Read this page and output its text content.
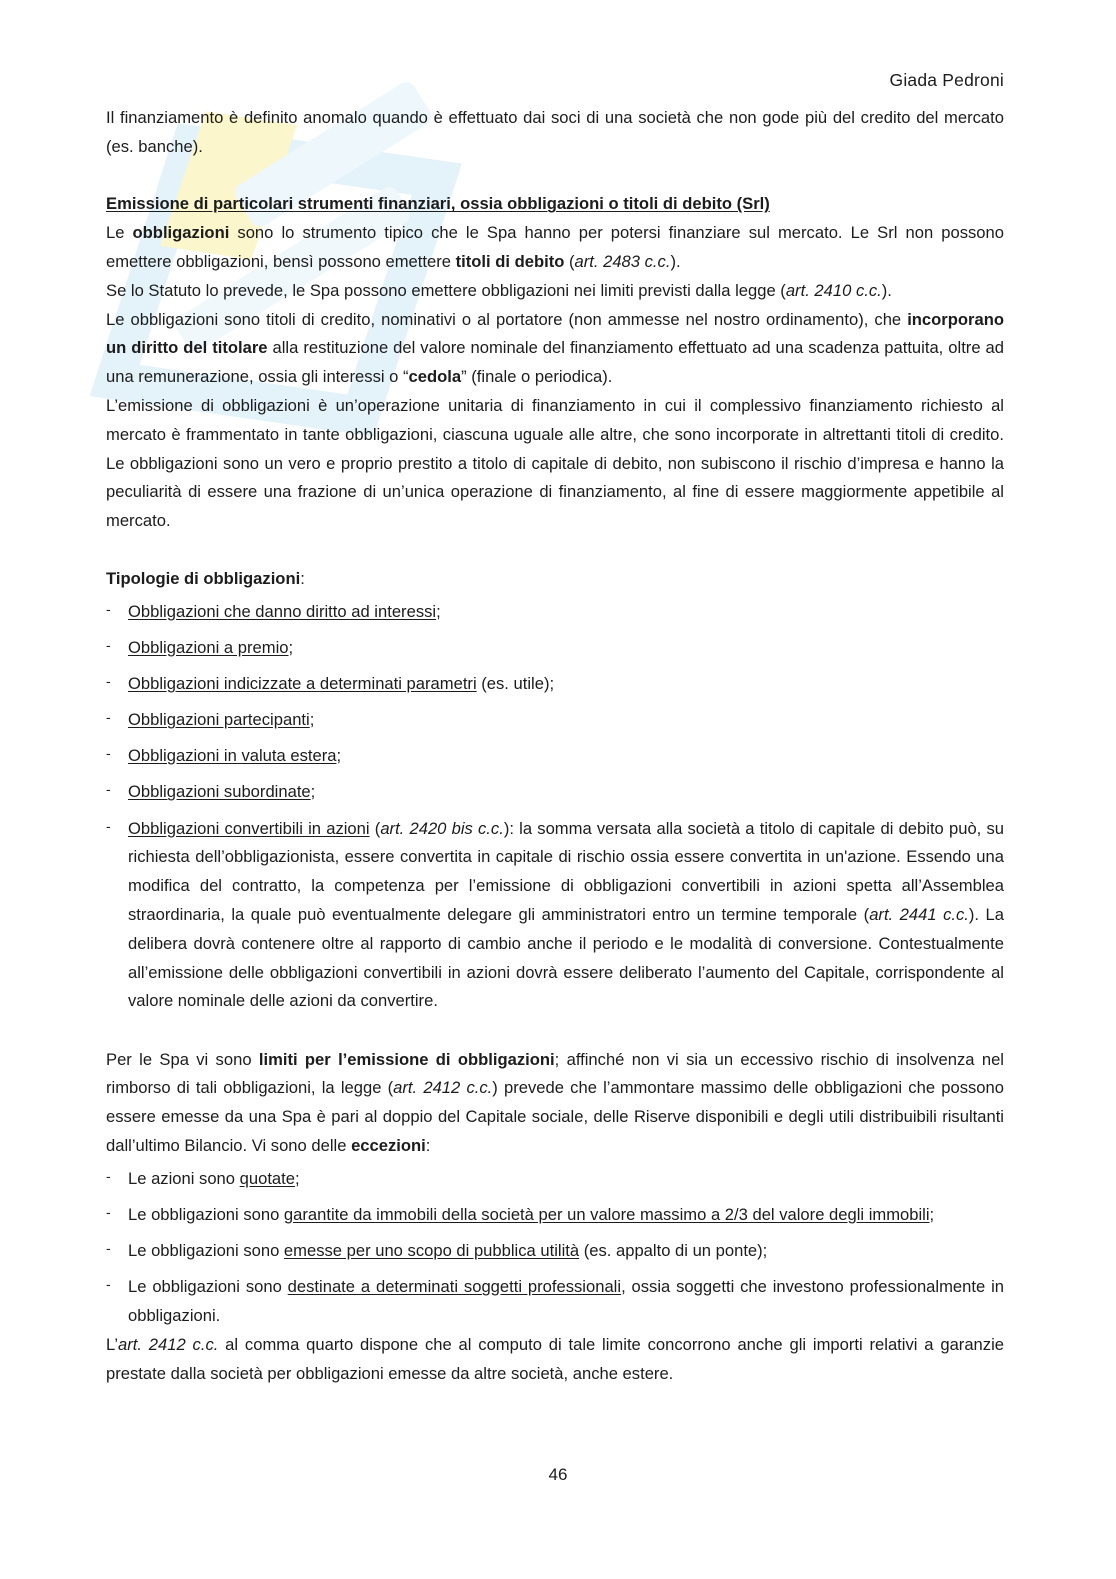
Giada Pedroni

Il finanziamento è definito anomalo quando è effettuato dai soci di una società che non gode più del credito del mercato (es. banche).

Emissione di particolari strumenti finanziari, ossia obbligazioni o titoli di debito (Srl)

Le obbligazioni sono lo strumento tipico che le Spa hanno per potersi finanziare sul mercato. Le Srl non possono emettere obbligazioni, bensì possono emettere titoli di debito (art. 2483 c.c.).

Se lo Statuto lo prevede, le Spa possono emettere obbligazioni nei limiti previsti dalla legge (art. 2410 c.c.).

Le obbligazioni sono titoli di credito, nominativi o al portatore (non ammesse nel nostro ordinamento), che incorporano un diritto del titolare alla restituzione del valore nominale del finanziamento effettuato ad una scadenza pattuita, oltre ad una remunerazione, ossia gli interessi o “cedola” (finale o periodica).

L’emissione di obbligazioni è un’operazione unitaria di finanziamento in cui il complessivo finanziamento richiesto al mercato è frammentato in tante obbligazioni, ciascuna uguale alle altre, che sono incorporate in altrettanti titoli di credito. Le obbligazioni sono un vero e proprio prestito a titolo di capitale di debito, non subiscono il rischio d’impresa e hanno la peculiarità di essere una frazione di un’unica operazione di finanziamento, al fine di essere maggiormente appetibile al mercato.

Tipologie di obbligazioni:

- Obbligazioni che danno diritto ad interessi;
- Obbligazioni a premio;
- Obbligazioni indicizzate a determinati parametri (es. utile);
- Obbligazioni partecipanti;
- Obbligazioni in valuta estera;
- Obbligazioni subordinate;
- Obbligazioni convertibili in azioni (art. 2420 bis c.c.): la somma versata alla società a titolo di capitale di debito può, su richiesta dell’obbligazionista, essere convertita in capitale di rischio ossia essere convertita in un'azione. Essendo una modifica del contratto, la competenza per l’emissione di obbligazioni convertibili in azioni spetta all’Assemblea straordinaria, la quale può eventualmente delegare gli amministratori entro un termine temporale (art. 2441 c.c.). La delibera dovrà contenere oltre al rapporto di cambio anche il periodo e le modalità di conversione. Contestualmente all’emissione delle obbligazioni convertibili in azioni dovrà essere deliberato l’aumento del Capitale, corrispondente al valore nominale delle azioni da convertire.

Per le Spa vi sono limiti per l’emissione di obbligazioni; affinché non vi sia un eccessivo rischio di insolvenza nel rimborso di tali obbligazioni, la legge (art. 2412 c.c.) prevede che l’ammontare massimo delle obbligazioni che possono essere emesse da una Spa è pari al doppio del Capitale sociale, delle Riserve disponibili e degli utili distribuibili risultanti dall’ultimo Bilancio. Vi sono delle eccezioni:

- Le azioni sono quotate;
- Le obbligazioni sono garantite da immobili della società per un valore massimo a 2/3 del valore degli immobili;
- Le obbligazioni sono emesse per uno scopo di pubblica utilità (es. appalto di un ponte);
- Le obbligazioni sono destinate a determinati soggetti professionali, ossia soggetti che investono professionalmente in obbligazioni.

L’art. 2412 c.c. al comma quarto dispone che al computo di tale limite concorrono anche gli importi relativi a garanzie prestate dalla società per obbligazioni emesse da altre società, anche estere.

46
